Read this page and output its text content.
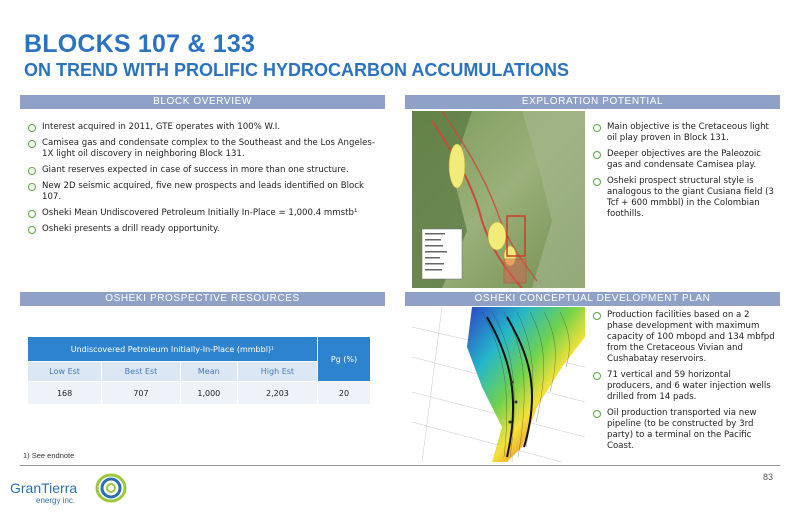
BLOCKS 107 & 133
ON TREND WITH PROLIFIC HYDROCARBON ACCUMULATIONS
BLOCK OVERVIEW
Interest acquired in 2011, GTE operates with 100% W.I.
Camisea gas and condensate complex to the Southeast and the Los Angeles-1X light oil discovery in neighboring Block 131.
Giant reserves expected in case of success in more than one structure.
New 2D seismic acquired, five new prospects and leads identified on Block 107.
Osheki Mean Undiscovered Petroleum Initially In-Place = 1,000.4 mmstb¹
Osheki presents a drill ready opportunity.
EXPLORATION POTENTIAL
Main objective is the Cretaceous light oil play proven in Block 131.
Deeper objectives are the Paleozoic gas and condensate Camisea play.
Osheki prospect structural style is analogous to the giant Cusiana field (3 Tcf + 600 mmbbl) in the Colombian foothills.
OSHEKI PROSPECTIVE RESOURCES
Undiscovered Petroleum Initially-In-Place (mmbbl)¹				Pg (%)
Low Est	Best Est	Mean	High Est	
168	707	1,000	2,203	20
1) See endnote
OSHEKI CONCEPTUAL DEVELOPMENT PLAN
Production facilities based on a 2 phase development with maximum capacity of 100 mbopd and 134 mbfpd from the Cretaceous Vivian and Cushabatay reservoirs.
71 vertical and 59 horizontal producers, and 6 water injection wells drilled from 14 pads.
Oil production transported via new pipeline (to be constructed by 3rd party) to a terminal on the Pacific Coast.
GranTierra
energy inc.
83
